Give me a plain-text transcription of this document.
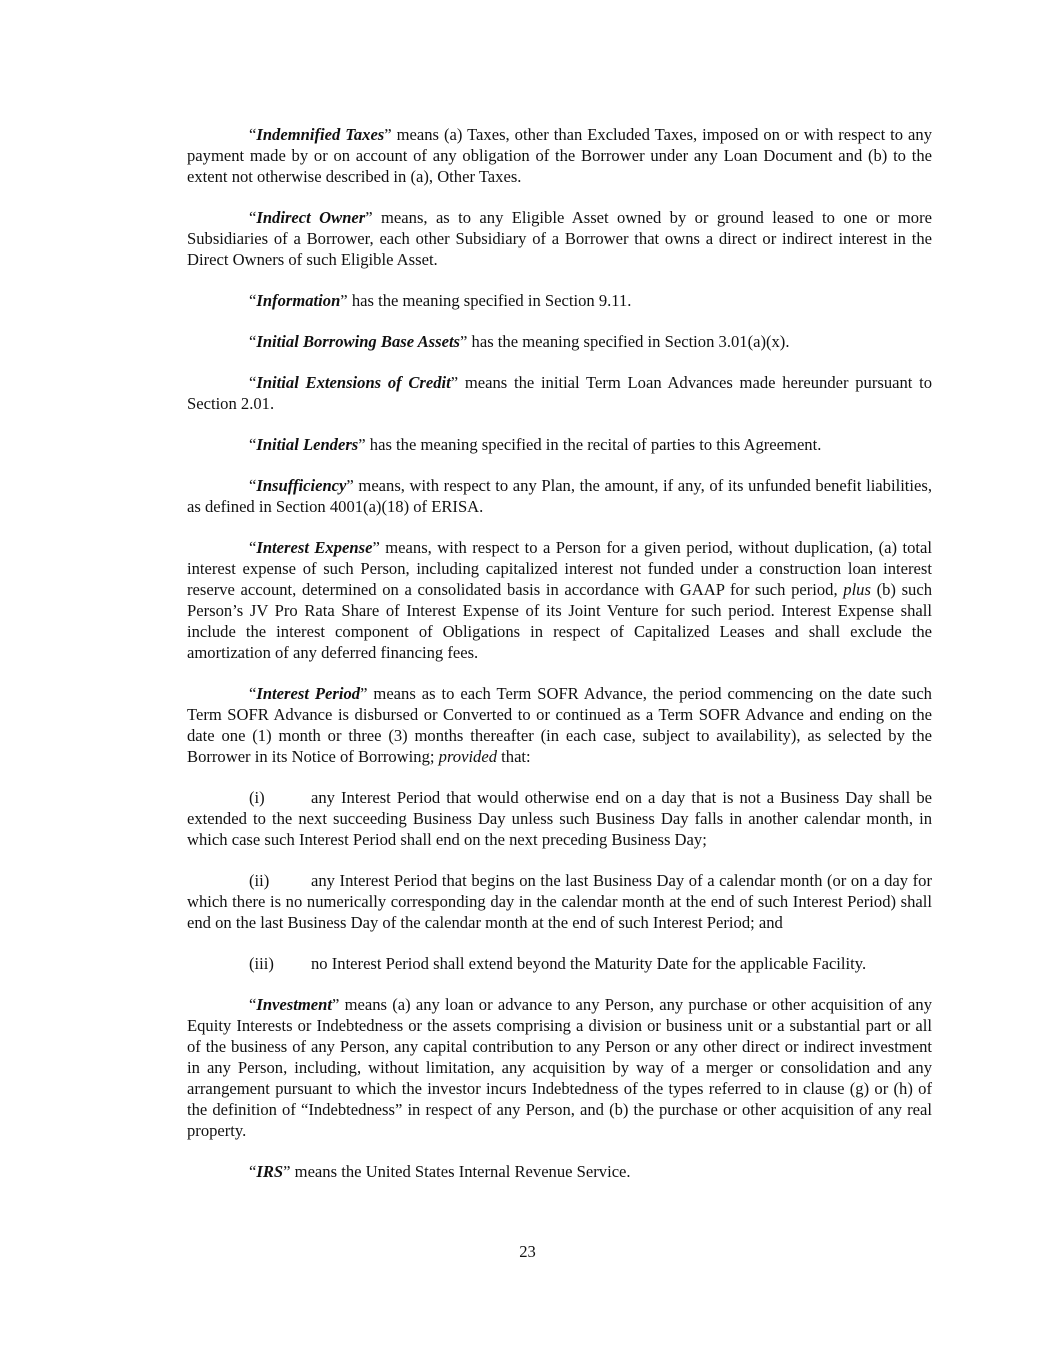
“Indemnified Taxes” means (a) Taxes, other than Excluded Taxes, imposed on or with respect to any payment made by or on account of any obligation of the Borrower under any Loan Document and (b) to the extent not otherwise described in (a), Other Taxes.

“Indirect Owner” means, as to any Eligible Asset owned by or ground leased to one or more Subsidiaries of a Borrower, each other Subsidiary of a Borrower that owns a direct or indirect interest in the Direct Owners of such Eligible Asset.

“Information” has the meaning specified in Section 9.11.

“Initial Borrowing Base Assets” has the meaning specified in Section 3.01(a)(x).

“Initial Extensions of Credit” means the initial Term Loan Advances made hereunder pursuant to Section 2.01.

“Initial Lenders” has the meaning specified in the recital of parties to this Agreement.

“Insufficiency” means, with respect to any Plan, the amount, if any, of its unfunded benefit liabilities, as defined in Section 4001(a)(18) of ERISA.

“Interest Expense” means, with respect to a Person for a given period, without duplication, (a) total interest expense of such Person, including capitalized interest not funded under a construction loan interest reserve account, determined on a consolidated basis in accordance with GAAP for such period, plus (b) such Person’s JV Pro Rata Share of Interest Expense of its Joint Venture for such period. Interest Expense shall include the interest component of Obligations in respect of Capitalized Leases and shall exclude the amortization of any deferred financing fees.

“Interest Period” means as to each Term SOFR Advance, the period commencing on the date such Term SOFR Advance is disbursed or Converted to or continued as a Term SOFR Advance and ending on the date one (1) month or three (3) months thereafter (in each case, subject to availability), as selected by the Borrower in its Notice of Borrowing; provided that:

(i)	any Interest Period that would otherwise end on a day that is not a Business Day shall be extended to the next succeeding Business Day unless such Business Day falls in another calendar month, in which case such Interest Period shall end on the next preceding Business Day;

(ii)	any Interest Period that begins on the last Business Day of a calendar month (or on a day for which there is no numerically corresponding day in the calendar month at the end of such Interest Period) shall end on the last Business Day of the calendar month at the end of such Interest Period; and

(iii) no Interest Period shall extend beyond the Maturity Date for the applicable Facility.

“Investment” means (a) any loan or advance to any Person, any purchase or other acquisition of any Equity Interests or Indebtedness or the assets comprising a division or business unit or a substantial part or all of the business of any Person, any capital contribution to any Person or any other direct or indirect investment in any Person, including, without limitation, any acquisition by way of a merger or consolidation and any arrangement pursuant to which the investor incurs Indebtedness of the types referred to in clause (g) or (h) of the definition of “Indebtedness” in respect of any Person, and (b) the purchase or other acquisition of any real property.

“IRS” means the United States Internal Revenue Service.

23
